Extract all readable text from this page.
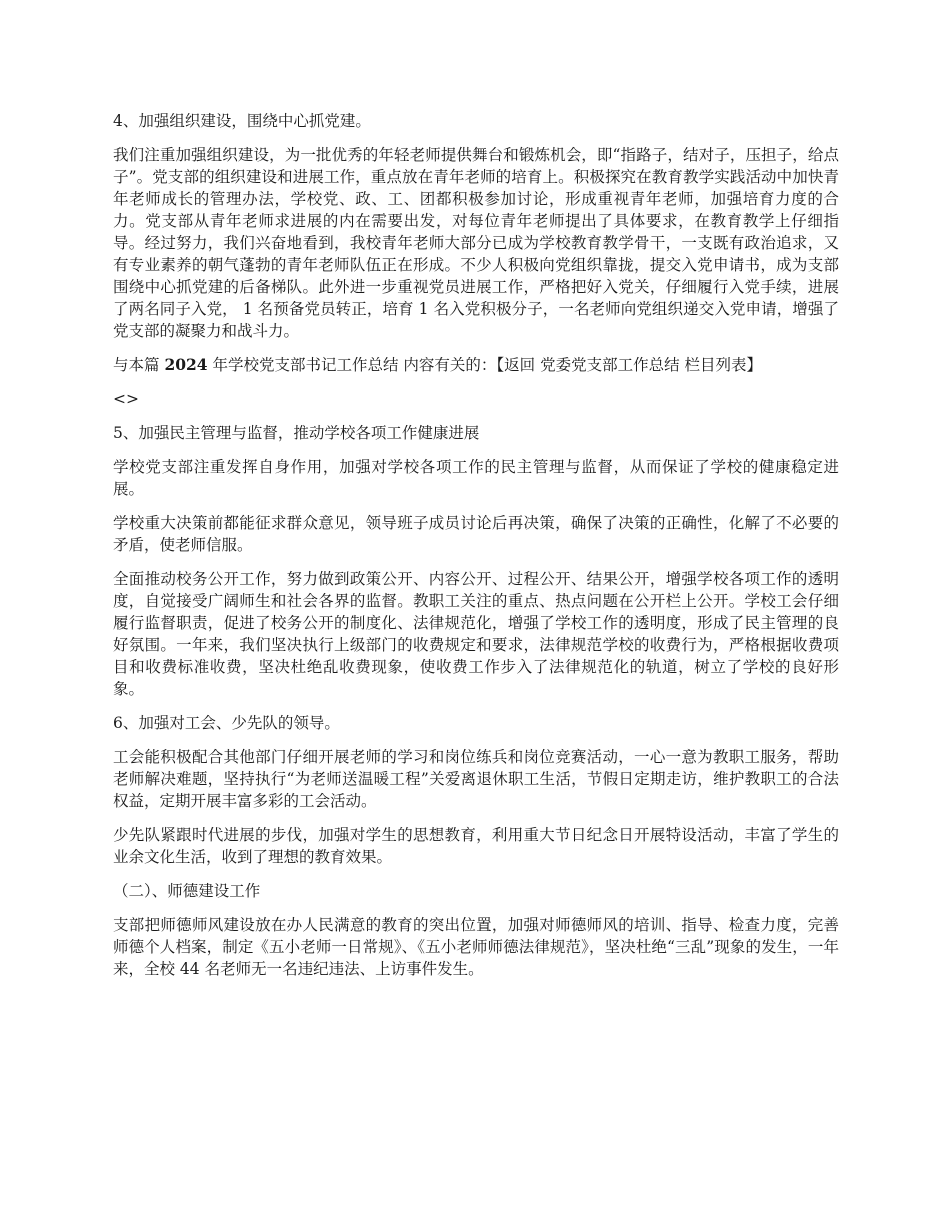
4、加强组织建设，围绕中心抓党建。

我们注重加强组织建设，为一批优秀的年轻老师提供舞台和锻炼机会，即“指路子，结对子，压担子，给点子”。党支部的组织建设和进展工作，重点放在青年老师的培育上。积极探究在教育教学实践活动中加快青年老师成长的管理办法，学校党、政、工、团都积极参加讨论，形成重视青年老师，加强培育力度的合力。党支部从青年老师求进展的内在需要出发，对每位青年老师提出了具体要求，在教育教学上仔细指导。经过努力，我们兴奋地看到，我校青年老师大部分已成为学校教育教学骨干，一支既有政治追求，又有专业素养的朝气蓬勃的青年老师队伍正在形成。不少人积极向党组织靠拢，提交入党申请书，成为支部围绕中心抓党建的后备梯队。此外进一步重视党员进展工作，严格把好入党关，仔细履行入党手续，进展了两名同子入党， 1 名预备党员转正，培育 1 名入党积极分子，一名老师向党组织递交入党申请，增强了党支部的凝聚力和战斗力。

与本篇 2024 年学校党支部书记工作总结 内容有关的：【返回 党委党支部工作总结 栏目列表】

<>

5、加强民主管理与监督，推动学校各项工作健康进展

学校党支部注重发挥自身作用，加强对学校各项工作的民主管理与监督，从而保证了学校的健康稳定进展。

学校重大决策前都能征求群众意见，领导班子成员讨论后再决策，确保了决策的正确性，化解了不必要的矛盾，使老师信服。

全面推动校务公开工作，努力做到政策公开、内容公开、过程公开、结果公开，增强学校各项工作的透明度，自觉接受广阔师生和社会各界的监督。教职工关注的重点、热点问题在公开栏上公开。学校工会仔细履行监督职责，促进了校务公开的制度化、法律规范化，增强了学校工作的透明度，形成了民主管理的良好氛围。一年来，我们坚决执行上级部门的收费规定和要求，法律规范学校的收费行为，严格根据收费项目和收费标准收费，坚决杜绝乱收费现象，使收费工作步入了法律规范化的轨道，树立了学校的良好形象。

6、加强对工会、少先队的领导。

工会能积极配合其他部门仔细开展老师的学习和岗位练兵和岗位竞赛活动，一心一意为教职工服务，帮助老师解决难题，坚持执行“为老师送温暖工程”关爱离退休职工生活，节假日定期走访，维护教职工的合法权益，定期开展丰富多彩的工会活动。

少先队紧跟时代进展的步伐，加强对学生的思想教育，利用重大节日纪念日开展特设活动，丰富了学生的业余文化生活，收到了理想的教育效果。

（二）、师德建设工作

支部把师德师风建设放在办人民满意的教育的突出位置，加强对师德师风的培训、指导、检查力度，完善师德个人档案，制定《五小老师一日常规》、《五小老师师德法律规范》，坚决杜绝“三乱”现象的发生，一年来，全校 44 名老师无一名违纪违法、上访事件发生。
